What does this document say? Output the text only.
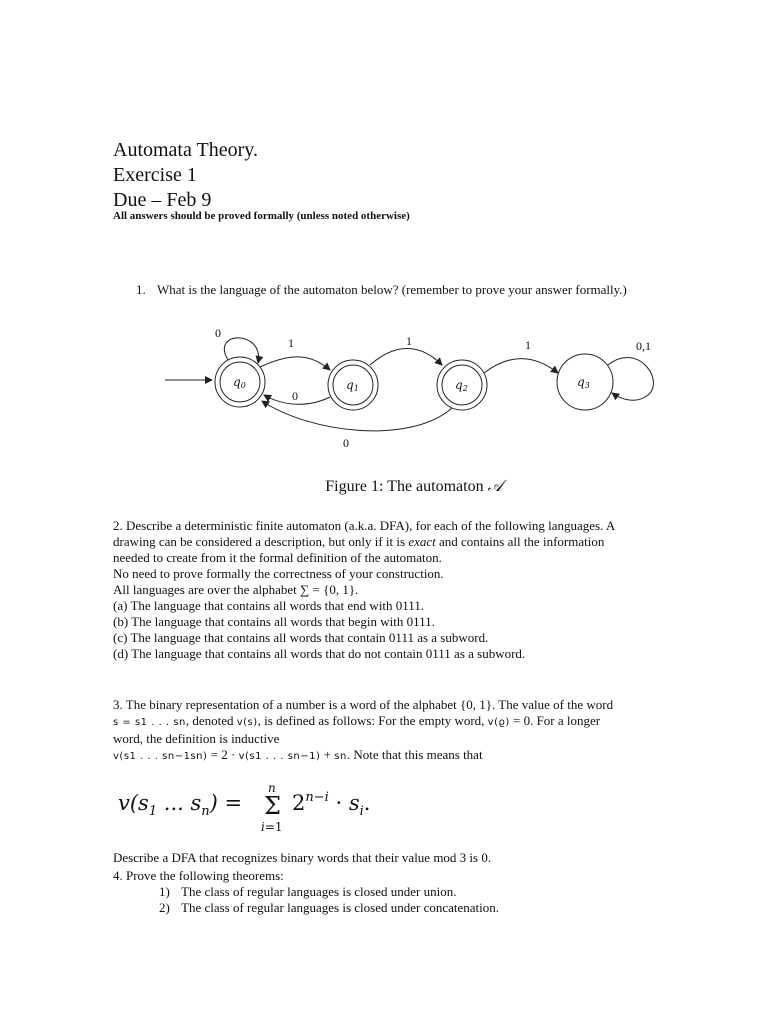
Automata Theory.
Exercise 1
Due – Feb 9
All answers should be proved formally (unless noted otherwise)
1. What is the language of the automaton below? (remember to prove your answer formally.)
0
1
0
1
0
1	0,1
q0	q1	q2	q3
Figure 1: The automaton 𝒜
2. Describe a deterministic finite automaton (a.k.a. DFA), for each of the following languages. A
drawing can be considered a description, but only if it is exact and contains all the information
needed to create from it the formal definition of the automaton.
No need to prove formally the correctness of your construction.
All languages are over the alphabet ∑ = {0, 1}.
(a) The language that contains all words that end with 0111.
(b) The language that contains all words that begin with 0111.
(c) The language that contains all words that contain 0111 as a subword.
(d) The language that contains all words that do not contain 0111 as a subword.
3. The binary representation of a number is a word of the alphabet {0, 1}. The value of the word
s = s1 . . . sn, denoted v(s), is defined as follows: For the empty word, v(ϱ) = 0. For a longer
word, the definition is inductive
v(s1 . . . sn−1sn) = 2 · v(s1 . . . sn−1) + sn. Note that this means that
$v(s_1$ ... $s_n) = \Sigma$
n
i=1
$2^{n-i} \cdot s_i$.
Describe a DFA that recognizes binary words that their value mod 3 is 0.
4. Prove the following theorems:
1) The class of regular languages is closed under union.
2) The class of regular languages is closed under concatenation.
